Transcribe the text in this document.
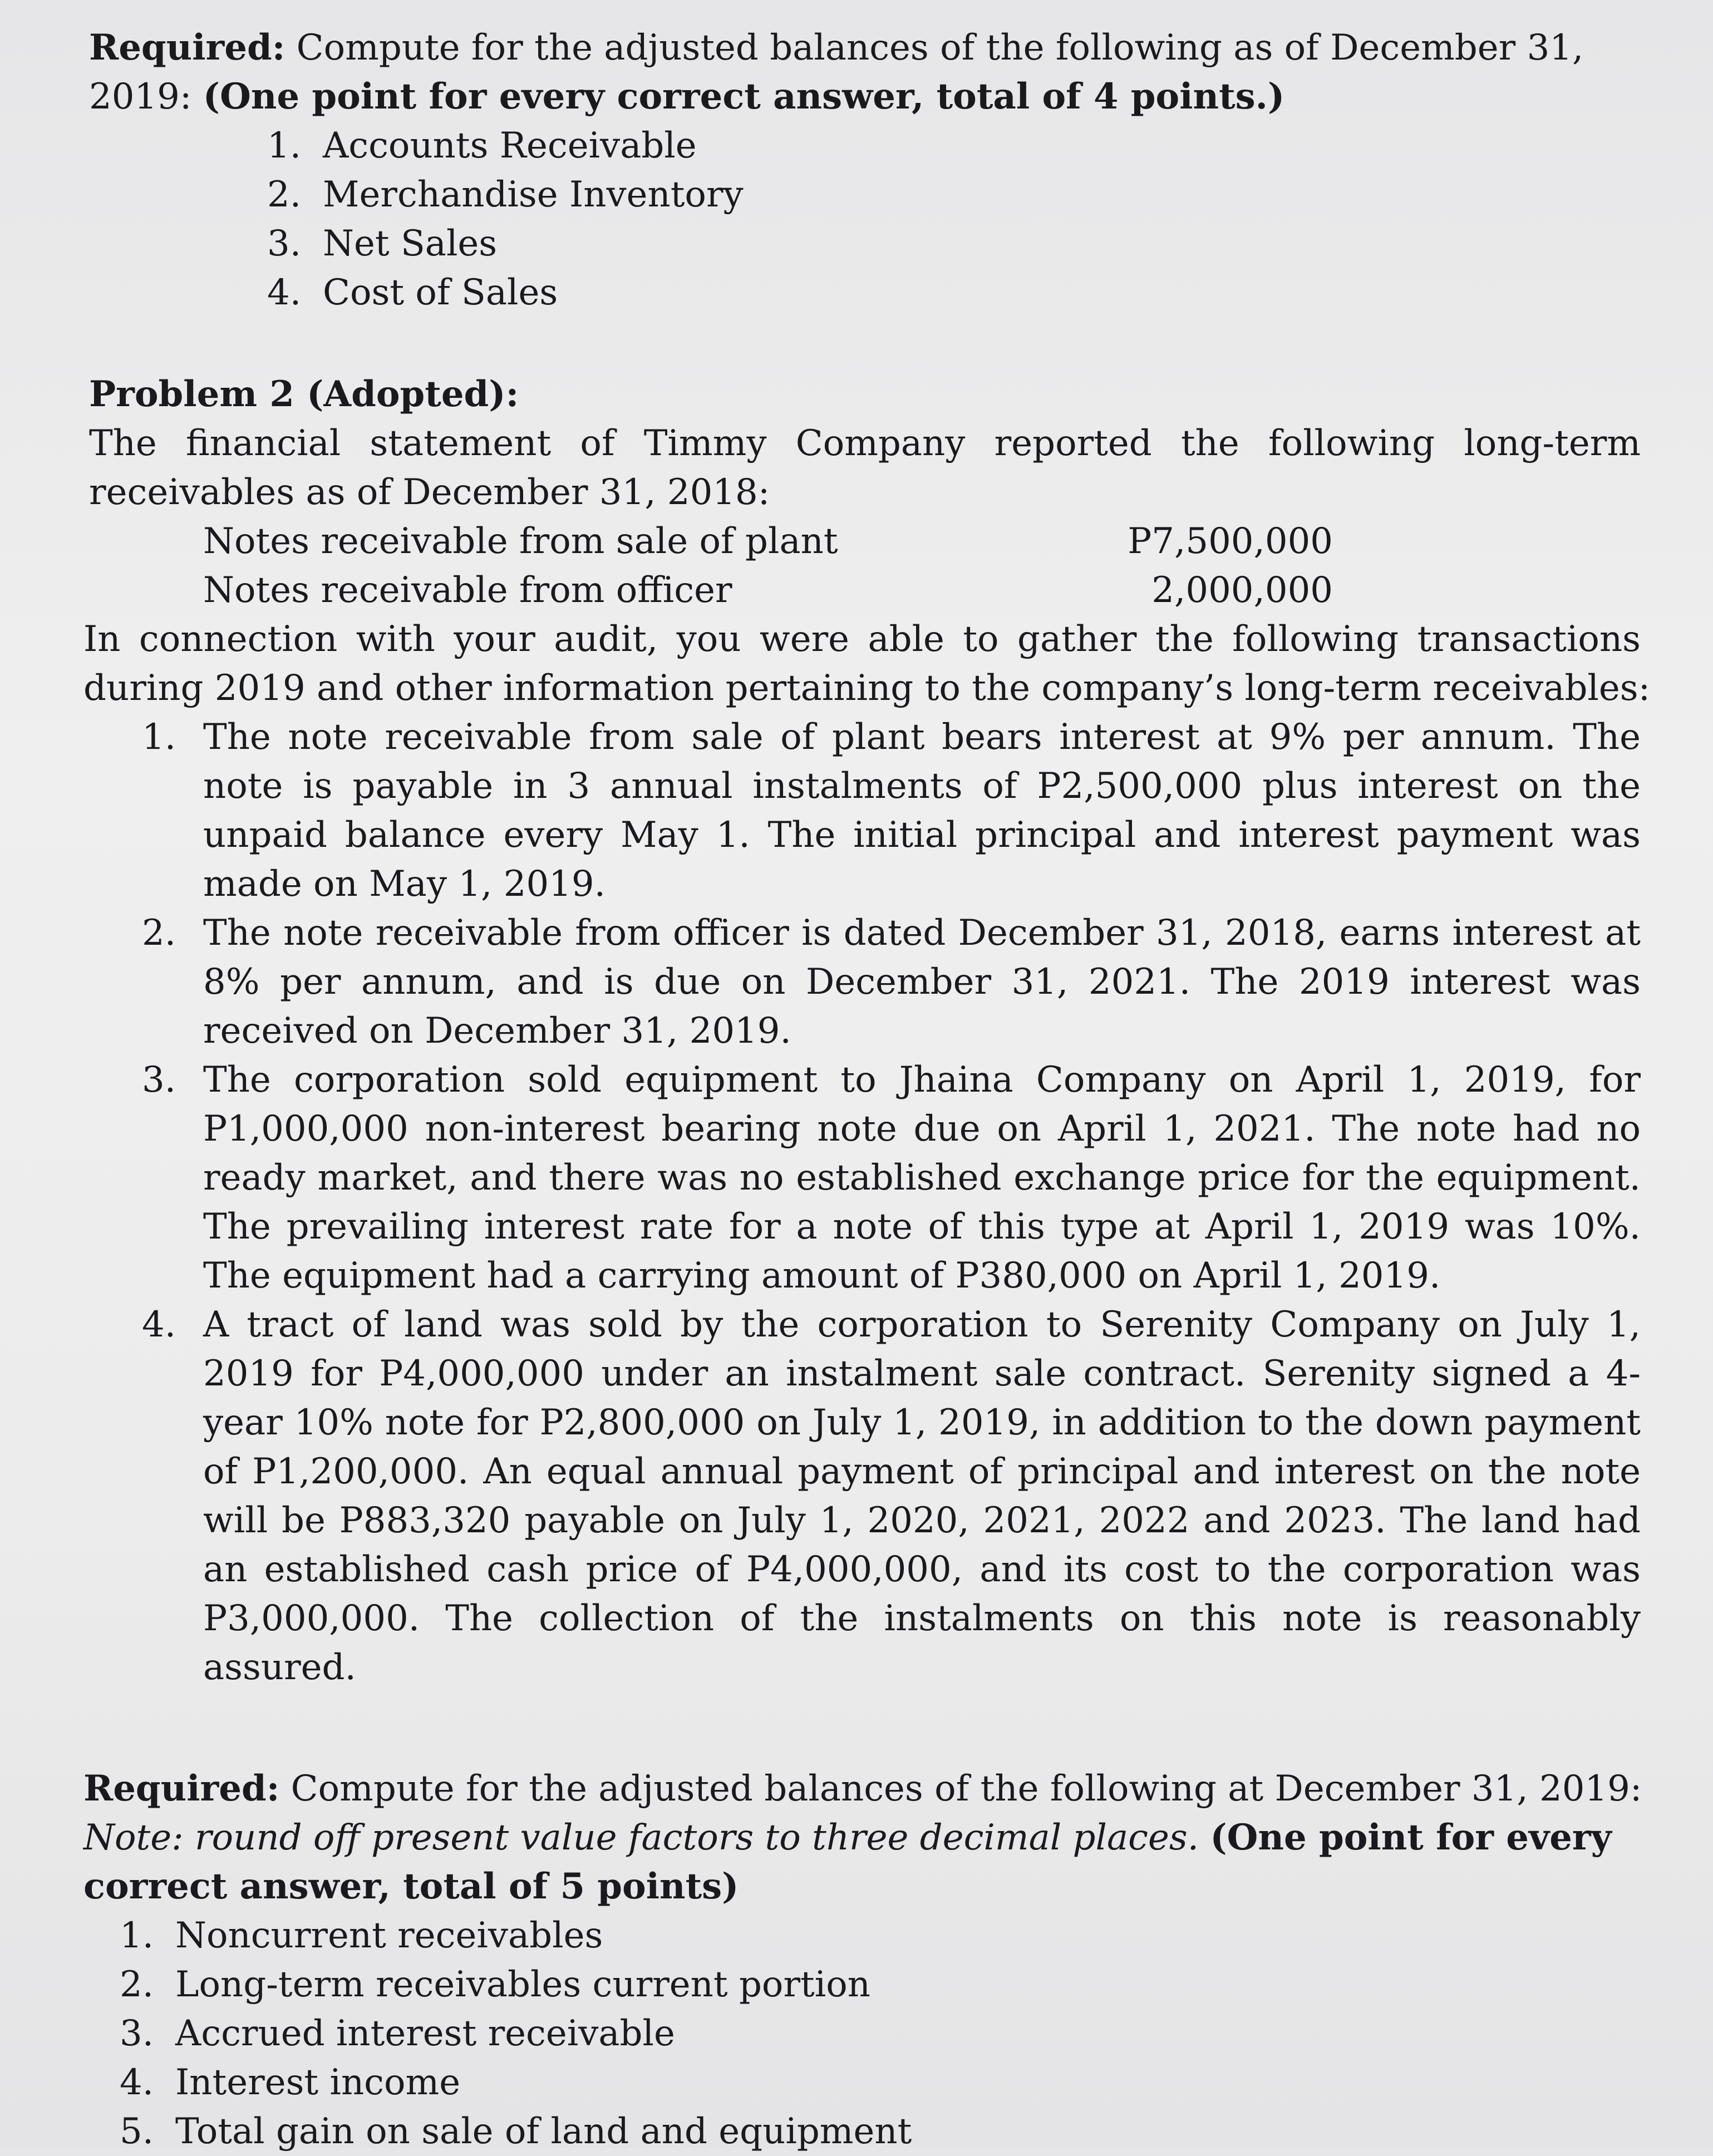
Required: Compute for the adjusted balances of the following as of December 31,
2019: (One point for every correct answer, total of 4 points.)
1. Accounts Receivable
2. Merchandise Inventory
3. Net Sales
4. Cost of Sales
Problem 2 (Adopted):
The financial statement of Timmy Company reported the following long-term
receivables as of December 31, 2018:
Notes receivable from sale of plant	P7,500,000
Notes receivable from officer	2,000,000
In connection with your audit, you were able to gather the following transactions
during 2019 and other information pertaining to the company’s long-term receivables:
1. The note receivable from sale of plant bears interest at 9% per annum. The note is payable in 3 annual instalments of P2,500,000 plus interest on the unpaid balance every May 1. The initial principal and interest payment was made on May 1, 2019.
2. The note receivable from officer is dated December 31, 2018, earns interest at 8% per annum, and is due on December 31, 2021. The 2019 interest was received on December 31, 2019.
3. The corporation sold equipment to Jhaina Company on April 1, 2019, for P1,000,000 non-interest bearing note due on April 1, 2021. The note had no ready market, and there was no established exchange price for the equipment. The prevailing interest rate for a note of this type at April 1, 2019 was 10%. The equipment had a carrying amount of P380,000 on April 1, 2019.
4. A tract of land was sold by the corporation to Serenity Company on July 1, 2019 for P4,000,000 under an instalment sale contract. Serenity signed a 4-year 10% note for P2,800,000 on July 1, 2019, in addition to the down payment of P1,200,000. An equal annual payment of principal and interest on the note will be P883,320 payable on July 1, 2020, 2021, 2022 and 2023. The land had an established cash price of P4,000,000, and its cost to the corporation was P3,000,000. The collection of the instalments on this note is reasonably assured.
Required: Compute for the adjusted balances of the following at December 31, 2019:
Note: round off present value factors to three decimal places. (One point for every
correct answer, total of 5 points)
1. Noncurrent receivables
2. Long-term receivables current portion
3. Accrued interest receivable
4. Interest income
5. Total gain on sale of land and equipment
